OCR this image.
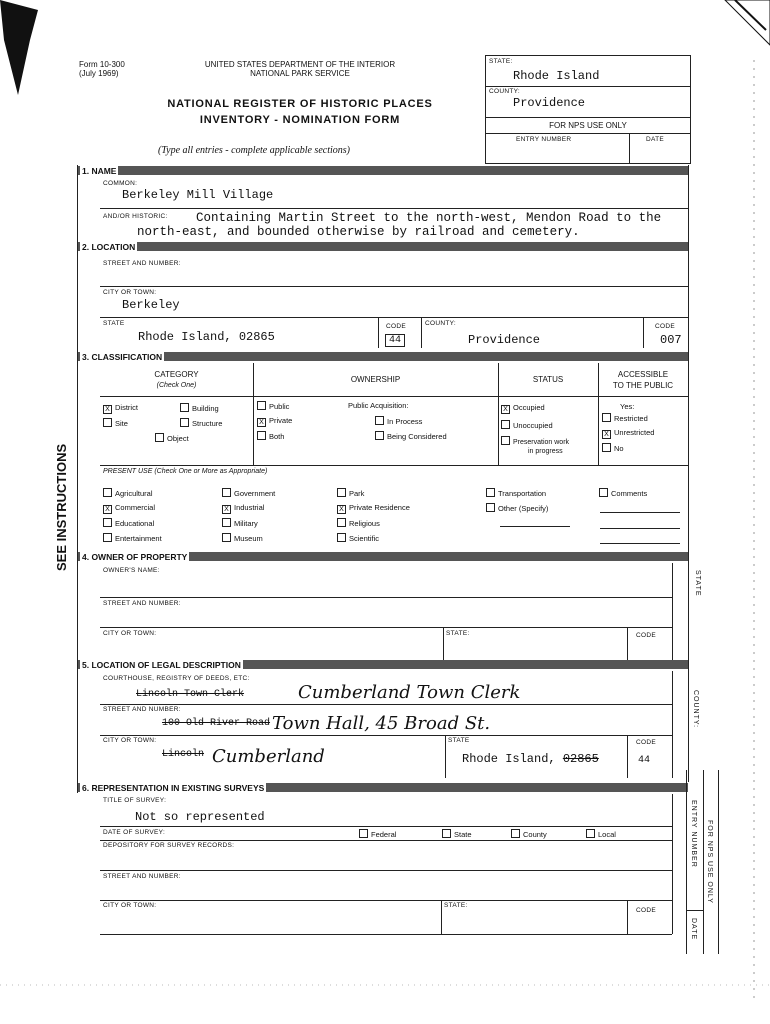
Form 10-300
(July 1969)
UNITED STATES DEPARTMENT OF THE INTERIOR
NATIONAL PARK SERVICE
NATIONAL REGISTER OF HISTORIC PLACES
INVENTORY - NOMINATION FORM
(Type all entries - complete applicable sections)
STATE:
Rhode Island
COUNTY:
Providence
FOR NPS USE ONLY
ENTRY NUMBER	DATE
SEE INSTRUCTIONS
1. NAME
COMMON:
Berkeley Mill Village
AND/OR HISTORIC: Containing Martin Street to the north-west, Mendon Road to the
north-east, and bounded otherwise by railroad and cemetery.
2. LOCATION
STREET AND NUMBER:
CITY OR TOWN:
Berkeley
STATE
Rhode Island, 02865
CODE
44
COUNTY:
Providence
CODE
007
3. CLASSIFICATION
CATEGORY
(Check One)
OWNERSHIP	STATUS
ACCESSIBLE
TO THE PUBLIC
X District	Building
Site	Structure
Object
Public
X Private
Both
Public Acquisition:
In Process
Being Considered
X Occupied
Unoccupied
Preservation work
in progress
Yes:
Restricted
X Unrestricted
No
PRESENT USE (Check One or More as Appropriate)
Agricultural
X Commercial
Educational
Entertainment
Government
X Industrial
Military
Museum
Park
X Private Residence
Religious
Scientific
Transportation
Other (Specify)
Comments
4. OWNER OF PROPERTY
OWNER'S NAME:
STREET AND NUMBER:
CITY OR TOWN:	STATE:	CODE
STATE
5. LOCATION OF LEGAL DESCRIPTION
COURTHOUSE, REGISTRY OF DEEDS, ETC:
Lincoln Town Clerk	Cumberland Town Clerk
STREET AND NUMBER:
100 Old River Road Town Hall, 45 Broad St.
CITY OR TOWN:
Lincoln Cumberland
STATE
Rhode Island, 02865
CODE
44
COUNTY:
6. REPRESENTATION IN EXISTING SURVEYS
TITLE OF SURVEY:
Not so represented
DATE OF SURVEY:	Federal	State	County	Local
DEPOSITORY FOR SURVEY RECORDS:
STREET AND NUMBER:
CITY OR TOWN:	STATE:
CODE
ENTRY NUMBER
DATE
FOR NPS USE ONLY
